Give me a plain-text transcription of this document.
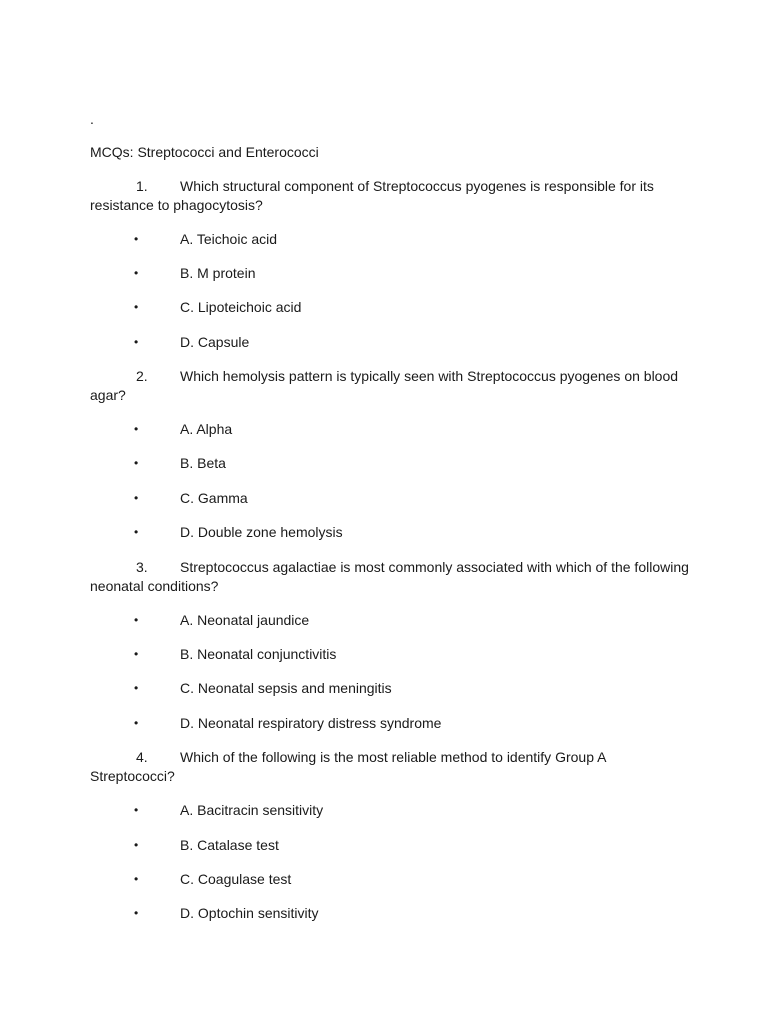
.
MCQs: Streptococci and Enterococci
1.	Which structural component of Streptococcus pyogenes is responsible for its resistance to phagocytosis?

•	A. Teichoic acid
•	B. M protein
•	C. Lipoteichoic acid
•	D. Capsule
2.	Which hemolysis pattern is typically seen with Streptococcus pyogenes on blood agar?

•	A. Alpha
•	B. Beta
•	C. Gamma
•	D. Double zone hemolysis
3.	Streptococcus agalactiae is most commonly associated with which of the following neonatal conditions?

•	A. Neonatal jaundice
•	B. Neonatal conjunctivitis
•	C. Neonatal sepsis and meningitis
•	D. Neonatal respiratory distress syndrome
4.	Which of the following is the most reliable method to identify Group A Streptococci?

•	A. Bacitracin sensitivity
•	B. Catalase test
•	C. Coagulase test
•	D. Optochin sensitivity
